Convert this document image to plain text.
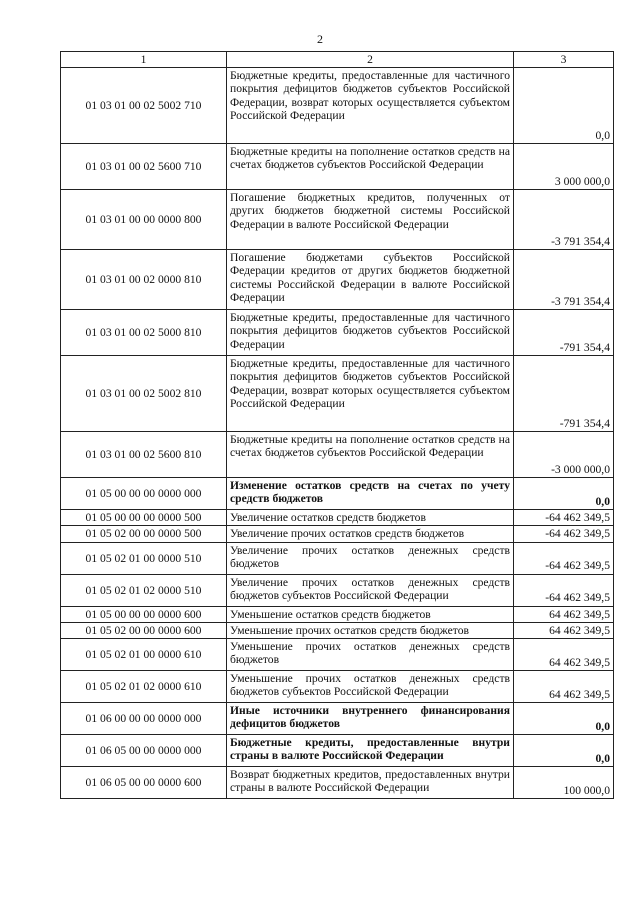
2
1	2	3
01 03 01 00 02 5002 710	Бюджетные кредиты, предоставленные для частичного покрытия дефицитов бюджетов субъектов Российской Федерации, возврат которых осуществляется субъектом Российской Федерации	0,0
01 03 01 00 02 5600 710	Бюджетные кредиты на пополнение остатков средств на счетах бюджетов субъектов Российской Федерации	3 000 000,0
01 03 01 00 00 0000 800	Погашение бюджетных кредитов, полученных от других бюджетов бюджетной системы Российской Федерации в валюте Российской Федерации	-3 791 354,4
01 03 01 00 02 0000 810	Погашение бюджетами субъектов Российской Федерации кредитов от других бюджетов бюджетной системы Российской Федерации в валюте Российской Федерации	-3 791 354,4
01 03 01 00 02 5000 810	Бюджетные кредиты, предоставленные для частичного покрытия дефицитов бюджетов субъектов Российской Федерации	-791 354,4
01 03 01 00 02 5002 810	Бюджетные кредиты, предоставленные для частичного покрытия дефицитов бюджетов субъектов Российской Федерации, возврат которых осуществляется субъектом Российской Федерации	-791 354,4
01 03 01 00 02 5600 810	Бюджетные кредиты на пополнение остатков средств на счетах бюджетов субъектов Российской Федерации	-3 000 000,0
01 05 00 00 00 0000 000	Изменение остатков средств на счетах по учету средств бюджетов	0,0
01 05 00 00 00 0000 500	Увеличение остатков средств бюджетов	-64 462 349,5
01 05 02 00 00 0000 500	Увеличение прочих остатков средств бюджетов	-64 462 349,5
01 05 02 01 00 0000 510	Увеличение прочих остатков денежных средств бюджетов	-64 462 349,5
01 05 02 01 02 0000 510	Увеличение прочих остатков денежных средств бюджетов субъектов Российской Федерации	-64 462 349,5
01 05 00 00 00 0000 600	Уменьшение остатков средств бюджетов	64 462 349,5
01 05 02 00 00 0000 600	Уменьшение прочих остатков средств бюджетов	64 462 349,5
01 05 02 01 00 0000 610	Уменьшение прочих остатков денежных средств бюджетов	64 462 349,5
01 05 02 01 02 0000 610	Уменьшение прочих остатков денежных средств бюджетов субъектов Российской Федерации	64 462 349,5
01 06 00 00 00 0000 000	Иные источники внутреннего финансирования дефицитов бюджетов	0,0
01 06 05 00 00 0000 000	Бюджетные кредиты, предоставленные внутри страны в валюте Российской Федерации	0,0
01 06 05 00 00 0000 600	Возврат бюджетных кредитов, предоставленных внутри страны в валюте Российской Федерации	100 000,0
